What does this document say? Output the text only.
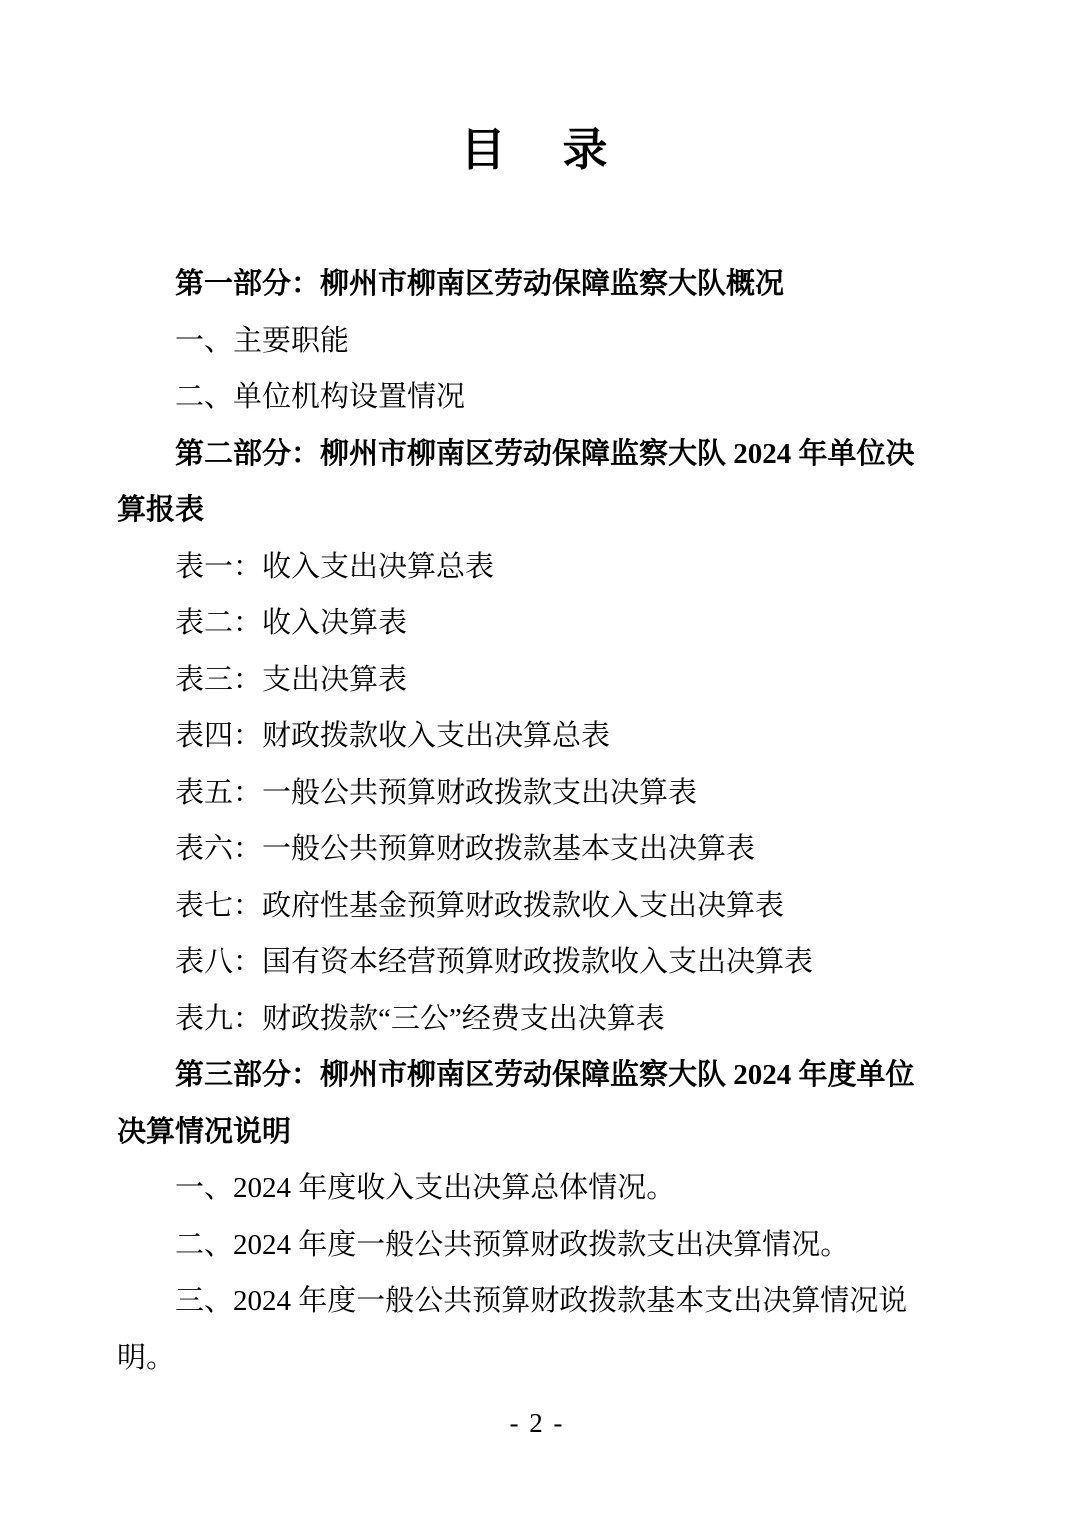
目　录
第一部分：柳州市柳南区劳动保障监察大队概况
一、主要职能
二、单位机构设置情况
第二部分：柳州市柳南区劳动保障监察大队 2024 年单位决
算报表
表一：收入支出决算总表
表二：收入决算表
表三：支出决算表
表四：财政拨款收入支出决算总表
表五：一般公共预算财政拨款支出决算表
表六：一般公共预算财政拨款基本支出决算表
表七：政府性基金预算财政拨款收入支出决算表
表八：国有资本经营预算财政拨款收入支出决算表
表九：财政拨款“三公”经费支出决算表
第三部分：柳州市柳南区劳动保障监察大队 2024 年度单位
决算情况说明
一、2024 年度收入支出决算总体情况。
二、2024 年度一般公共预算财政拨款支出决算情况。
三、2024 年度一般公共预算财政拨款基本支出决算情况说
明。
- 2 -
